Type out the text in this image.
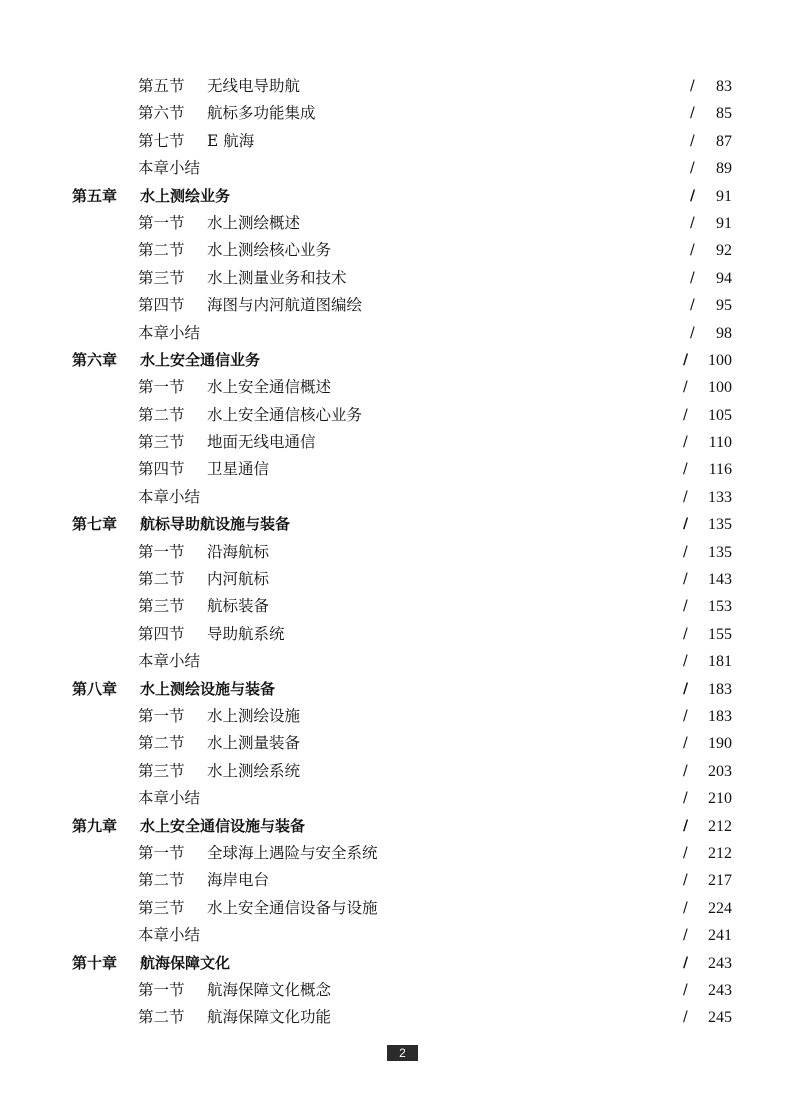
第五节 无线电导助航	/ 83
第六节 航标多功能集成	/ 85
第七节 E 航海	/ 87
本章小结	/ 89
第五章 水上测绘业务	/ 91
第一节 水上测绘概述	/ 91
第二节 水上测绘核心业务	/ 92
第三节 水上测量业务和技术	/ 94
第四节 海图与内河航道图编绘	/ 95
本章小结	/ 98
第六章 水上安全通信业务	/ 100
第一节 水上安全通信概述	/ 100
第二节 水上安全通信核心业务	/ 105
第三节 地面无线电通信	/ 110
第四节 卫星通信	/ 116
本章小结	/ 133
第七章 航标导助航设施与装备	/ 135
第一节 沿海航标	/ 135
第二节 内河航标	/ 143
第三节 航标装备	/ 153
第四节 导助航系统	/ 155
本章小结	/ 181
第八章 水上测绘设施与装备	/ 183
第一节 水上测绘设施	/ 183
第二节 水上测量装备	/ 190
第三节 水上测绘系统	/ 203
本章小结	/ 210
第九章 水上安全通信设施与装备	/ 212
第一节 全球海上遇险与安全系统	/ 212
第二节 海岸电台	/ 217
第三节 水上安全通信设备与设施	/ 224
本章小结	/ 241
第十章 航海保障文化	/ 243
第一节 航海保障文化概念	/ 243
第二节 航海保障文化功能	/ 245
2
